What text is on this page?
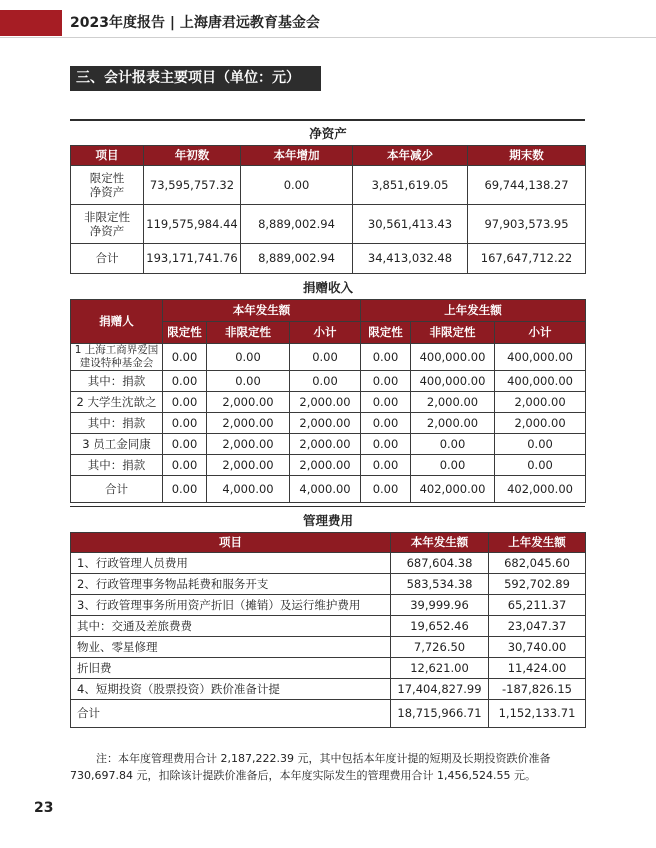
2023年度报告 | 上海唐君远教育基金会
三、会计报表主要项目（单位：元）
净资产				
项目	年初数	本年增加	本年减少	期末数
限定性
净资产	73,595,757.32	0.00	3,851,619.05	69,744,138.27
非限定性
净资产	119,575,984.44	8,889,002.94	30,561,413.43	97,903,573.95
合计	193,171,741.76	8,889,002.94	34,413,032.48	167,647,712.22
捐赠收入						
捐赠人	本年发生额			上年发生额		
	限定性	非限定性	小计	限定性	非限定性	小计
1 上海工商界爱国
建设特种基金会	0.00	0.00	0.00	0.00	400,000.00	400,000.00
其中：捐款	0.00	0.00	0.00	0.00	400,000.00	400,000.00
2 大学生沈歆之	0.00	2,000.00	2,000.00	0.00	2,000.00	2,000.00
其中：捐款	0.00	2,000.00	2,000.00	0.00	2,000.00	2,000.00
3 员工金同康	0.00	2,000.00	2,000.00	0.00	0.00	0.00
其中：捐款	0.00	2,000.00	2,000.00	0.00	0.00	0.00
合计	0.00	4,000.00	4,000.00	0.00	402,000.00	402,000.00
管理费用		
项目	本年发生额	上年发生额
1、行政管理人员费用	687,604.38	682,045.60
2、行政管理事务物品耗费和服务开支	583,534.38	592,702.89
3、行政管理事务所用资产折旧（摊销）及运行维护费用	39,999.96	65,211.37
其中：交通及差旅费费	19,652.46	23,047.37
物业、零星修理	7,726.50	30,740.00
折旧费	12,621.00	11,424.00
4、短期投资（股票投资）跌价准备计提	17,404,827.99	-187,826.15
合计	18,715,966.71	1,152,133.71

注：本年度管理费用合计 2,187,222.39 元，其中包括本年度计提的短期及长期投资跌价准备 730,697.84 元，扣除该计提跌价准备后，本年度实际发生的管理费用合计 1,456,524.55 元。

23
